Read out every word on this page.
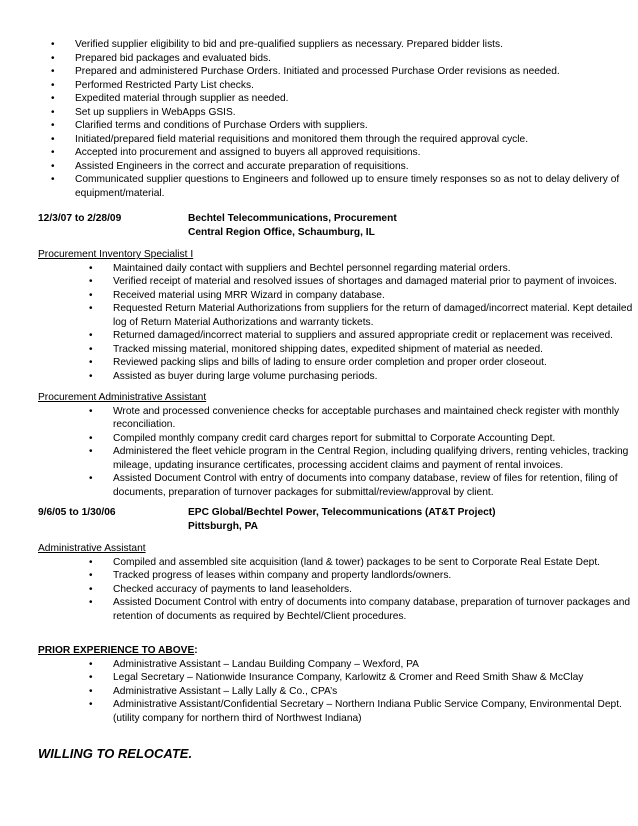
• Verified supplier eligibility to bid and pre-qualified suppliers as necessary. Prepared bidder lists.
• Prepared bid packages and evaluated bids.
• Prepared and administered Purchase Orders. Initiated and processed Purchase Order revisions as needed.
• Performed Restricted Party List checks.
• Expedited material through supplier as needed.
• Set up suppliers in WebApps GSIS.
• Clarified terms and conditions of Purchase Orders with suppliers.
• Initiated/prepared field material requisitions and monitored them through the required approval cycle.
• Accepted into procurement and assigned to buyers all approved requisitions.
• Assisted Engineers in the correct and accurate preparation of requisitions.
• Communicated supplier questions to Engineers and followed up to ensure timely responses so as not to delay delivery of equipment/material.
12/3/07 to 2/28/09	Bechtel Telecommunications, Procurement
Central Region Office, Schaumburg, IL
Procurement Inventory Specialist I
• Maintained daily contact with suppliers and Bechtel personnel regarding material orders.
• Verified receipt of material and resolved issues of shortages and damaged material prior to payment of invoices.
• Received material using MRR Wizard in company database.
• Requested Return Material Authorizations from suppliers for the return of damaged/incorrect material. Kept detailed log of Return Material Authorizations and warranty tickets.
• Returned damaged/incorrect material to suppliers and assured appropriate credit or replacement was received.
• Tracked missing material, monitored shipping dates, expedited shipment of material as needed.
• Reviewed packing slips and bills of lading to ensure order completion and proper order closeout.
• Assisted as buyer during large volume purchasing periods.
Procurement Administrative Assistant
• Wrote and processed convenience checks for acceptable purchases and maintained check register with monthly reconciliation.
• Compiled monthly company credit card charges report for submittal to Corporate Accounting Dept.
• Administered the fleet vehicle program in the Central Region, including qualifying drivers, renting vehicles, tracking mileage, updating insurance certificates, processing accident claims and payment of rental invoices.
• Assisted Document Control with entry of documents into company database, review of files for retention, filing of documents, preparation of turnover packages for submittal/review/approval by client.
9/6/05 to 1/30/06	EPC Global/Bechtel Power, Telecommunications (AT&T Project)
Pittsburgh, PA
Administrative Assistant
• Compiled and assembled site acquisition (land & tower) packages to be sent to Corporate Real Estate Dept.
• Tracked progress of leases within company and property landlords/owners.
• Checked accuracy of payments to land leaseholders.
• Assisted Document Control with entry of documents into company database, preparation of turnover packages and retention of documents as required by Bechtel/Client procedures.
PRIOR EXPERIENCE TO ABOVE:
• Administrative Assistant – Landau Building Company – Wexford, PA
• Legal Secretary – Nationwide Insurance Company, Karlowitz & Cromer and Reed Smith Shaw & McClay
• Administrative Assistant – Lally Lally & Co., CPA’s
• Administrative Assistant/Confidential Secretary – Northern Indiana Public Service Company, Environmental Dept. (utility company for northern third of Northwest Indiana)
WILLING TO RELOCATE.
